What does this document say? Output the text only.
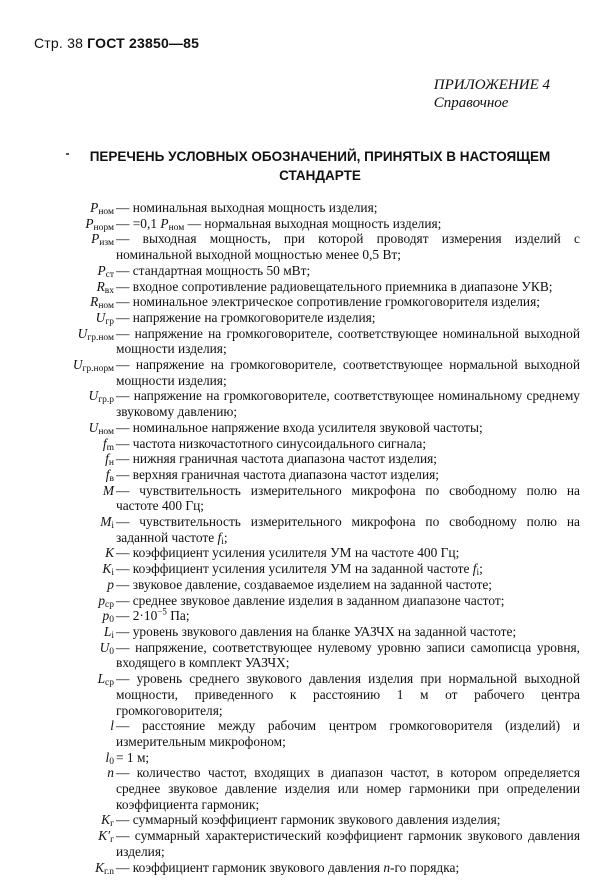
Стр. 38 ГОСТ 23850—85
ПРИЛОЖЕНИЕ 4
Справочное
ПЕРЕЧЕНЬ УСЛОВНЫХ ОБОЗНАЧЕНИЙ, ПРИНЯТЫХ В НАСТОЯЩЕМ
СТАНДАРТЕ
$P_{ном}$ — номинальная выходная мощность изделия;
$P_{норм}$ — =0,1 $P_{ном}$ — нормальная выходная мощность изделия;
$P_{изм}$ — выходная мощность, при которой проводят измерения изделий с номинальной выходной мощностью менее 0,5 Вт;
$P_{ст}$ — стандартная мощность 50 мВт;
$R_{вх}$ — входное сопротивление радиовещательного приемника в диапазоне УКВ;
$R_{ном}$ — номинальное электрическое сопротивление громкоговорителя изделия;
$U_{гр}$ — напряжение на громкоговорителе изделия;
$U_{гр.ном}$ — напряжение на громкоговорителе, соответствующее номинальной выходной мощности изделия;
$U_{гр.норм}$ — напряжение на громкоговорителе, соответствующее нормальной выходной мощности изделия;
$U_{гр.р}$ — напряжение на громкоговорителе, соответствующее номинальному среднему звуковому давлению;
$U_{ном}$ — номинальное напряжение входа усилителя звуковой частоты;
$f_m$ — частота низкочастотного синусоидального сигнала;
$f_н$ — нижняя граничная частота диапазона частот изделия;
$f_в$ — верхняя граничная частота диапазона частот изделия;
M — чувствительность измерительного микрофона по свободному полю на частоте 400 Гц;
$M_i$ — чувствительность измерительного микрофона по свободному полю на заданной частоте $f_i$;
K — коэффициент усиления усилителя УМ на частоте 400 Гц;
$K_i$ — коэффициент усиления усилителя УМ на заданной частоте $f_i$;
p — звуковое давление, создаваемое изделием на заданной частоте;
$p_{ср}$ — среднее звуковое давление изделия в заданном диапазоне частот;
$p_0$ — $2\cdot 10^{-5}$ Па;
$L_i$ — уровень звукового давления на бланке УАЗЧХ на заданной частоте;
$U_0$ — напряжение, соответствующее нулевому уровню записи самописца уровня, входящего в комплект УАЗЧХ;
$L_{ср}$ — уровень среднего звукового давления изделия при нормальной выходной мощности, приведенного к расстоянию 1 м от рабочего центра громкоговорителя;
l — расстояние между рабочим центром громкоговорителя (изделий) и измерительным микрофоном;
$l_0 = 1$ м;
n — количество частот, входящих в диапазон частот, в котором определяется среднее звуковое давление изделия или номер гармоники при определении коэффициента гармоник;
$K_г$ — суммарный коэффициент гармоник звукового давления изделия;
$K'_г$ — суммарный характеристический коэффициент гармоник звукового давления изделия;
$K_{г.n}$ — коэффициент гармоник звукового давления n-го порядка;
